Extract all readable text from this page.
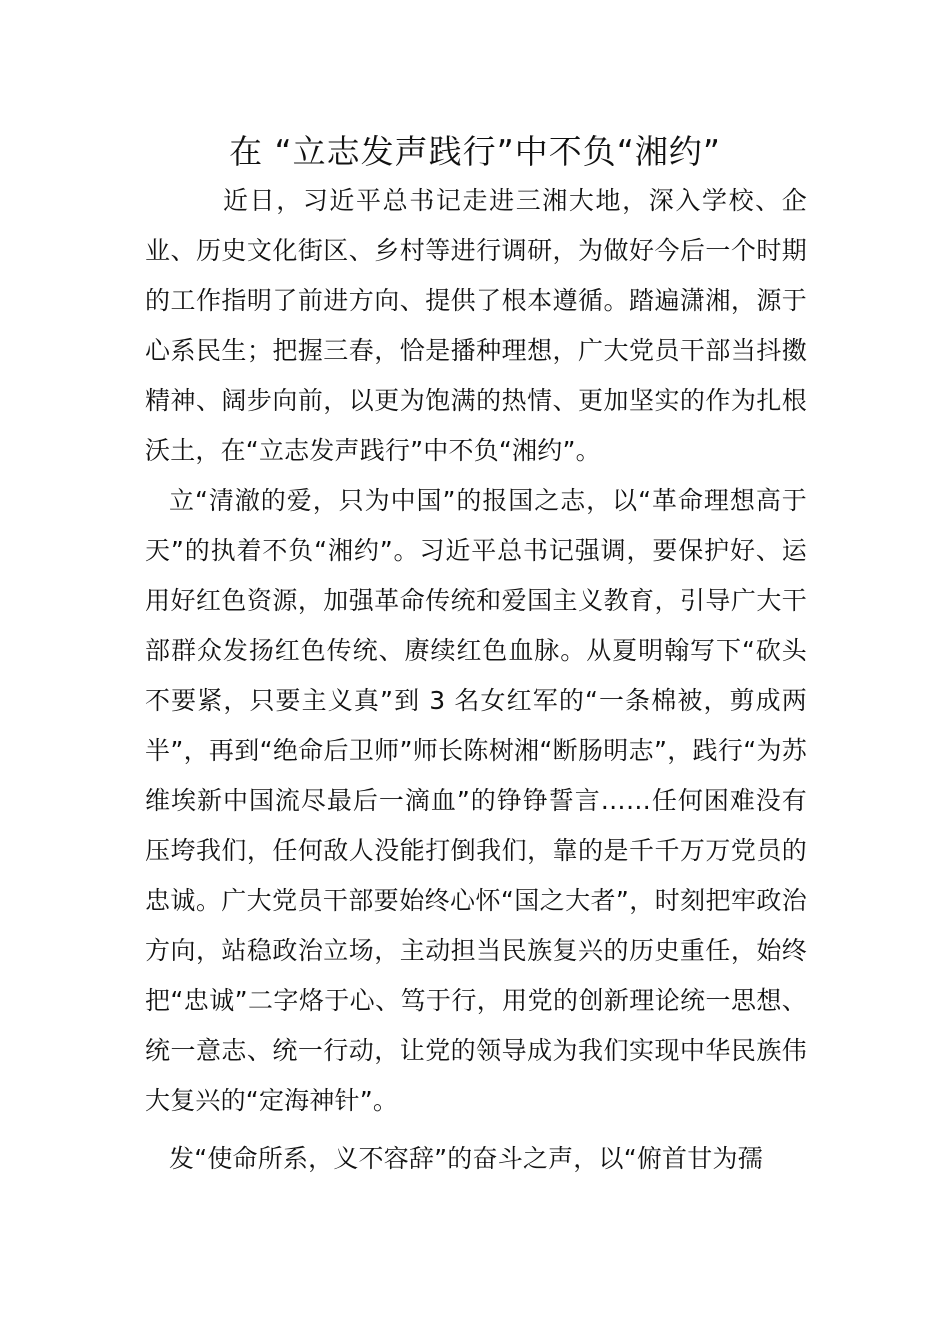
在 “立志发声践行”中不负“湘约”

近日，习近平总书记走进三湘大地，深入学校、企业、历史文化街区、乡村等进行调研，为做好今后一个时期的工作指明了前进方向、提供了根本遵循。踏遍潇湘，源于心系民生；把握三春，恰是播种理想，广大党员干部当抖擞精神、阔步向前，以更为饱满的热情、更加坚实的作为扎根沃土，在“立志发声践行”中不负“湘约”。

立“清澈的爱，只为中国”的报国之志，以“革命理想高于天”的执着不负“湘约”。习近平总书记强调，要保护好、运用好红色资源，加强革命传统和爱国主义教育，引导广大干部群众发扬红色传统、赓续红色血脉。从夏明翰写下“砍头不要紧，只要主义真”到 3 名女红军的“一条棉被，剪成两半”，再到“绝命后卫师”师长陈树湘“断肠明志”，践行“为苏维埃新中国流尽最后一滴血”的铮铮誓言……任何困难没有压垮我们，任何敌人没能打倒我们，靠的是千千万万党员的忠诚。广大党员干部要始终心怀“国之大者”，时刻把牢政治方向，站稳政治立场，主动担当民族复兴的历史重任，始终把“忠诚”二字烙于心、笃于行，用党的创新理论统一思想、统一意志、统一行动，让党的领导成为我们实现中华民族伟大复兴的“定海神针”。

发“使命所系，义不容辞”的奋斗之声，以“俯首甘为孺
